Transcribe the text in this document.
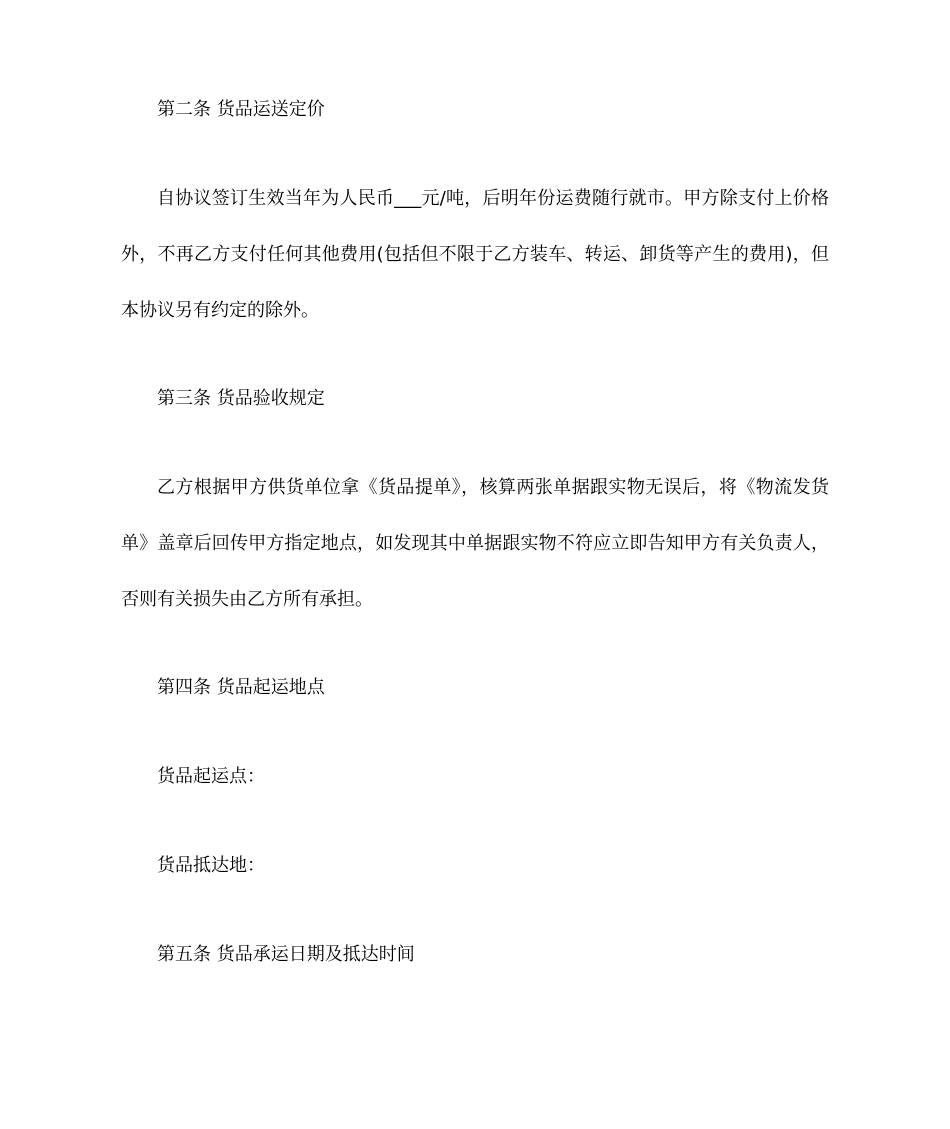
第二条 货品运送定价
自协议签订生效当年为人民币___元/吨，后明年份运费随行就市。甲方除支付上价格
外，不再乙方支付任何其他费用(包括但不限于乙方装车、转运、卸货等产生的费用)，但
本协议另有约定的除外。
第三条 货品验收规定
乙方根据甲方供货单位拿《货品提单》，核算两张单据跟实物无误后，将《物流发货
单》盖章后回传甲方指定地点，如发现其中单据跟实物不符应立即告知甲方有关负责人，
否则有关损失由乙方所有承担。
第四条 货品起运地点
货品起运点：
货品抵达地：
第五条 货品承运日期及抵达时间
